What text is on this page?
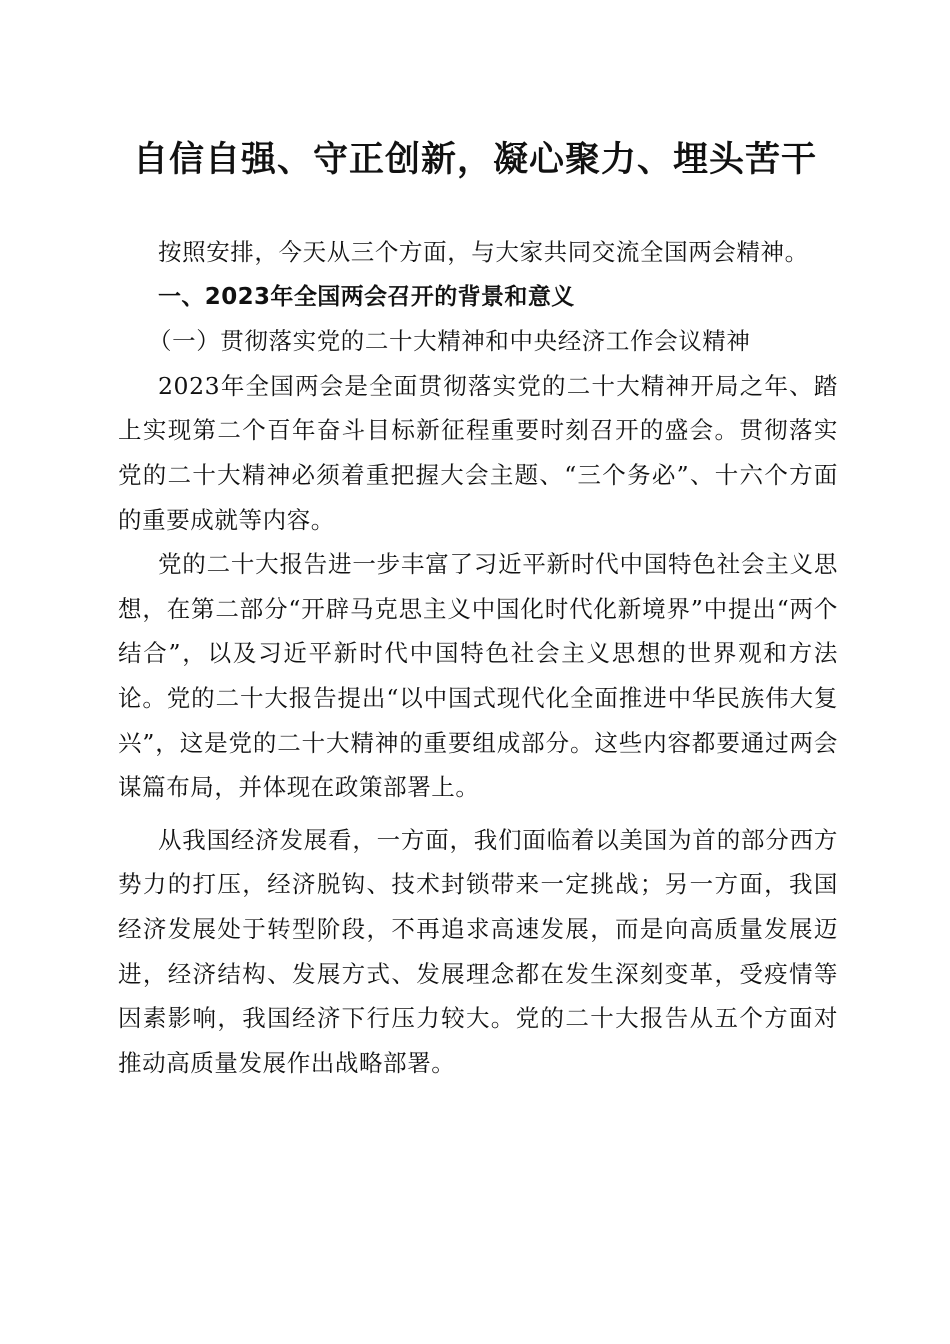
自信自强、守正创新，凝心聚力、埋头苦干

按照安排，今天从三个方面，与大家共同交流全国两会精神。

一、2023年全国两会召开的背景和意义

（一）贯彻落实党的二十大精神和中央经济工作会议精神

2023年全国两会是全面贯彻落实党的二十大精神开局之年、踏上实现第二个百年奋斗目标新征程重要时刻召开的盛会。贯彻落实党的二十大精神必须着重把握大会主题、“三个务必”、十六个方面的重要成就等内容。

党的二十大报告进一步丰富了习近平新时代中国特色社会主义思想，在第二部分“开辟马克思主义中国化时代化新境界”中提出“两个结合”，以及习近平新时代中国特色社会主义思想的世界观和方法论。党的二十大报告提出“以中国式现代化全面推进中华民族伟大复兴”，这是党的二十大精神的重要组成部分。这些内容都要通过两会谋篇布局，并体现在政策部署上。

从我国经济发展看，一方面，我们面临着以美国为首的部分西方势力的打压，经济脱钩、技术封锁带来一定挑战；另一方面，我国经济发展处于转型阶段，不再追求高速发展，而是向高质量发展迈进，经济结构、发展方式、发展理念都在发生深刻变革，受疫情等因素影响，我国经济下行压力较大。党的二十大报告从五个方面对推动高质量发展作出战略部署。
